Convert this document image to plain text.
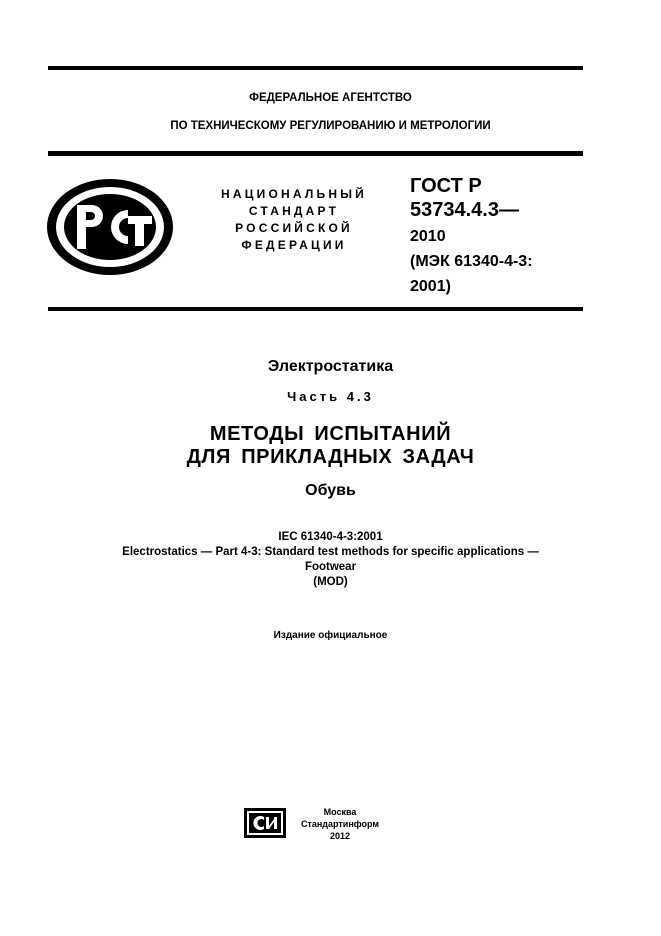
ФЕДЕРАЛЬНОЕ АГЕНТСТВО
ПО ТЕХНИЧЕСКОМУ РЕГУЛИРОВАНИЮ И МЕТРОЛОГИИ
НАЦИОНАЛЬНЫЙ
СТАНДАРТ
РОССИЙСКОЙ
ФЕДЕРАЦИИ
ГОСТ Р
53734.4.3—
2010
(МЭК 61340-4-3:
2001)
Электростатика
Часть 4.3
МЕТОДЫ ИСПЫТАНИЙ
ДЛЯ ПРИКЛАДНЫХ ЗАДАЧ
Обувь
IEC 61340-4-3:2001
Electrostatics — Part 4-3: Standard test methods for specific applications —
Footwear
(MOD)
Издание официальное
Москва
Стандартинформ
2012
